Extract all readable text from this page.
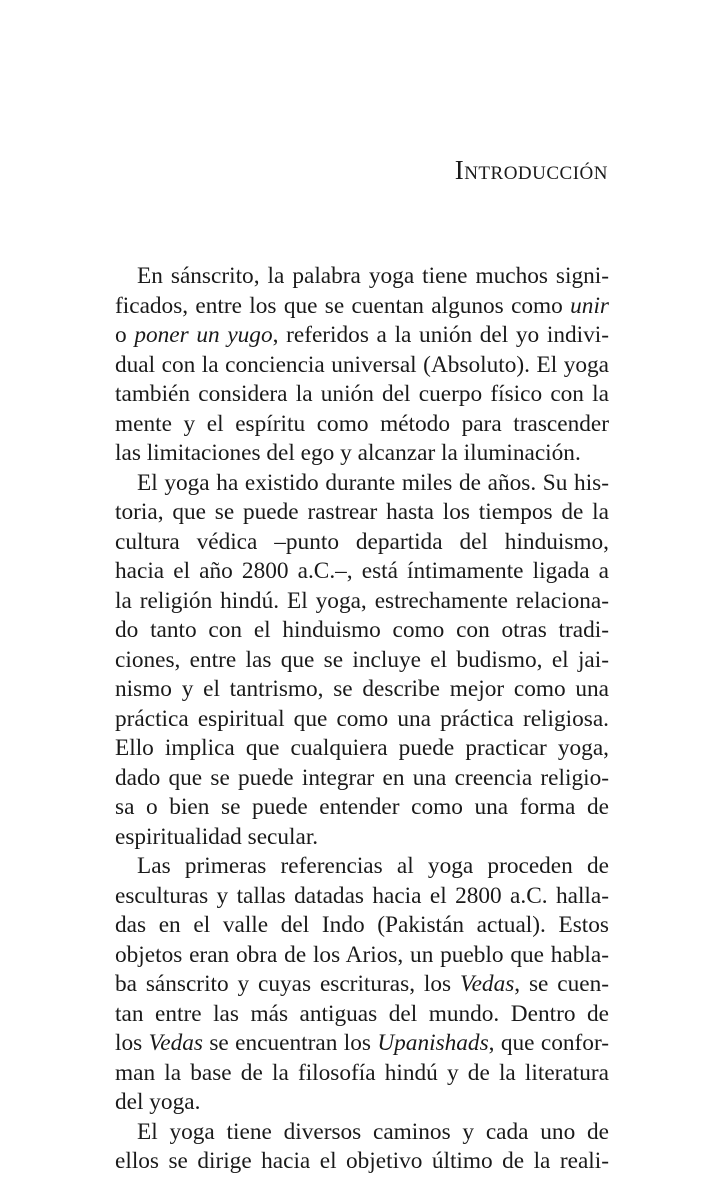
Introducción
En sánscrito, la palabra yoga tiene muchos signi-
ficados, entre los que se cuentan algunos como unir
o poner un yugo, referidos a la unión del yo indivi-
dual con la conciencia universal (Absoluto). El yoga
también considera la unión del cuerpo físico con la
mente y el espíritu como método para trascender
las limitaciones del ego y alcanzar la iluminación.
El yoga ha existido durante miles de años. Su his-
toria, que se puede rastrear hasta los tiempos de la
cultura védica –punto departida del hinduismo,
hacia el año 2800 a.C.–, está íntimamente ligada a
la religión hindú. El yoga, estrechamente relaciona-
do tanto con el hinduismo como con otras tradi-
ciones, entre las que se incluye el budismo, el jai-
nismo y el tantrismo, se describe mejor como una
práctica espiritual que como una práctica religiosa.
Ello implica que cualquiera puede practicar yoga,
dado que se puede integrar en una creencia religio-
sa o bien se puede entender como una forma de
espiritualidad secular.
Las primeras referencias al yoga proceden de
esculturas y tallas datadas hacia el 2800 a.C. halla-
das en el valle del Indo (Pakistán actual). Estos
objetos eran obra de los Arios, un pueblo que habla-
ba sánscrito y cuyas escrituras, los Vedas, se cuen-
tan entre las más antiguas del mundo. Dentro de
los Vedas se encuentran los Upanishads, que confor-
man la base de la filosofía hindú y de la literatura
del yoga.
El yoga tiene diversos caminos y cada uno de
ellos se dirige hacia el objetivo último de la reali-
